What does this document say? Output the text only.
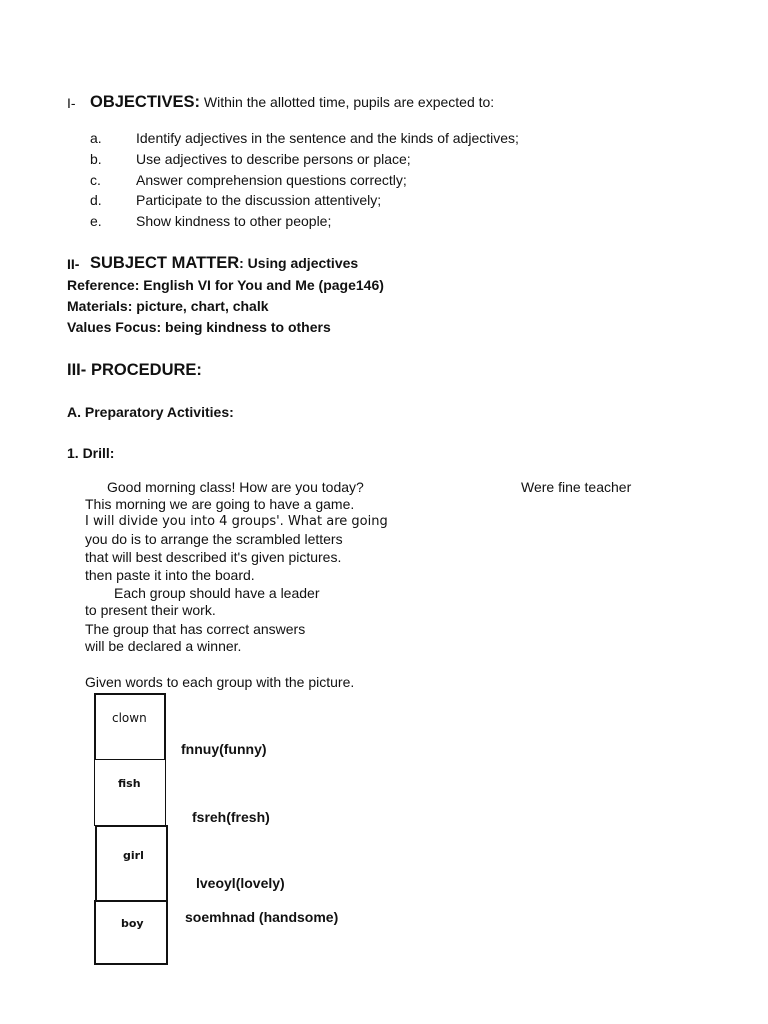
I- OBJECTIVES: Within the allotted time, pupils are expected to:
a. Identify adjectives in the sentence and the kinds of adjectives;
b. Use adjectives to describe persons or place;
c.	Answer comprehension questions correctly;
d. Participate to the discussion attentively;
e. Show kindness to other people;
II- SUBJECT MATTER: Using adjectives
Reference: English VI for You and Me (page146)
Materials: picture, chart, chalk
Values Focus: being kindness to others
III- PROCEDURE:
A. Preparatory Activities:
1. Drill:
Good morning class! How are you today?	Were fine teacher
This morning we are going to have a game.
I will divide you into 4 groups'. What are going
you do is to arrange the scrambled letters
that will best described it's given pictures.
then paste it into the board.
Each group should have a leader
to present their work.
The group that has correct answers
will be declared a winner.
Given words to each group with the picture.
clown
fish
girl
boy
fnnuy(funny)
fsreh(fresh)
lveoyl(lovely)
soemhnad (handsome)
